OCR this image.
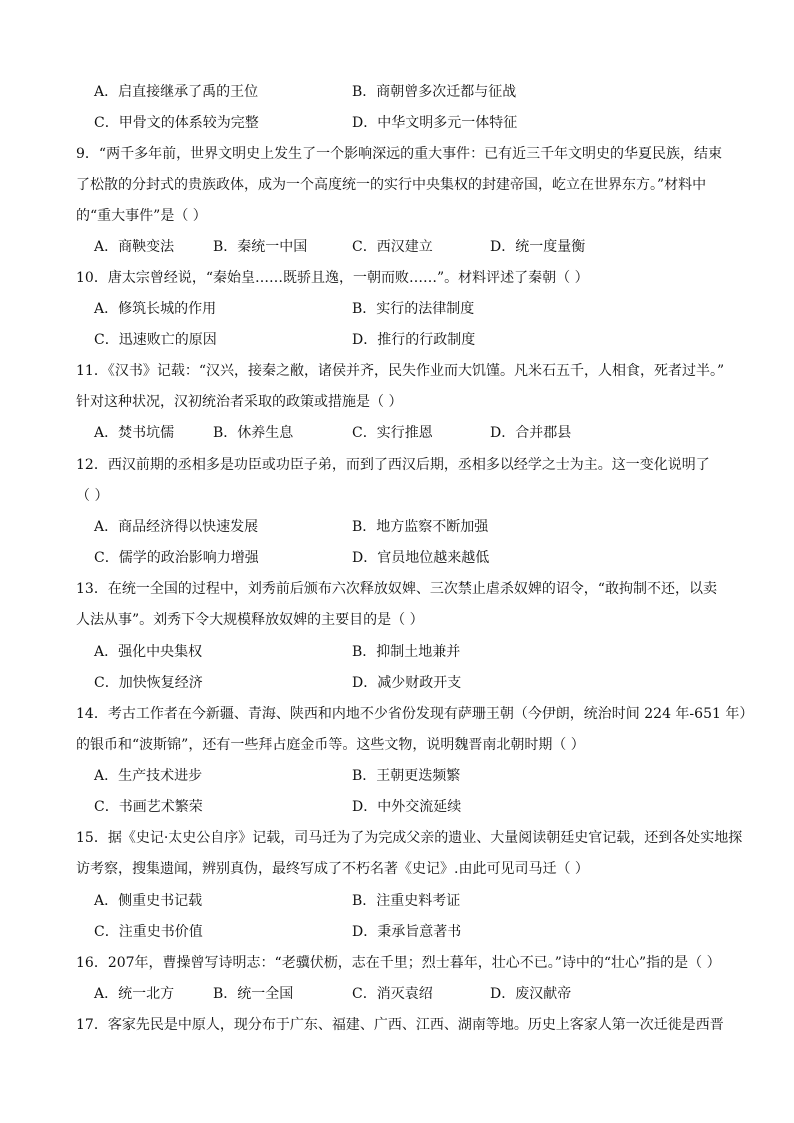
A．启直接继承了禹的王位	B．商朝曾多次迁都与征战
C．甲骨文的体系较为完整	D．中华文明多元一体特征
9．“两千多年前，世界文明史上发生了一个影响深远的重大事件：已有近三千年文明史的华夏民族，结束
了松散的分封式的贵族政体，成为一个高度统一的实行中央集权的封建帝国，屹立在世界东方。”材料中
的“重大事件”是（ ）
A．商鞅变法	B．秦统一中国	C．西汉建立	D．统一度量衡
10．唐太宗曾经说，“秦始皇……既骄且逸，一朝而败……”。材料评述了秦朝（ ）
A．修筑长城的作用	B．实行的法律制度
C．迅速败亡的原因	D．推行的行政制度
11．《汉书》记载：“汉兴，接秦之敝，诸侯并齐，民失作业而大饥馑。凡米石五千，人相食，死者过半。”
针对这种状况，汉初统治者采取的政策或措施是（ ）
A．焚书坑儒	B．休养生息	C．实行推恩	D．合并郡县
12．西汉前期的丞相多是功臣或功臣子弟，而到了西汉后期，丞相多以经学之士为主。这一变化说明了
（ ）
A．商品经济得以快速发展	B．地方监察不断加强
C．儒学的政治影响力增强	D．官员地位越来越低
13．在统一全国的过程中，刘秀前后颁布六次释放奴婢、三次禁止虐杀奴婢的诏令，“敢拘制不还，以卖
人法从事”。刘秀下令大规模释放奴婢的主要目的是（ ）
A．强化中央集权	B．抑制土地兼并
C．加快恢复经济	D．减少财政开支
14．考古工作者在今新疆、青海、陕西和内地不少省份发现有萨珊王朝（今伊朗，统治时间 224 年-651 年）
的银币和“波斯锦”，还有一些拜占庭金币等。这些文物，说明魏晋南北朝时期（ ）
A．生产技术进步	B．王朝更迭频繁
C．书画艺术繁荣	D．中外交流延续
15．据《史记·太史公自序》记载，司马迁为了为完成父亲的遗业、大量阅读朝廷史官记载，还到各处实地探
访考察，搜集遗闻，辨别真伪，最终写成了不朽名著《史记》.由此可见司马迁（ ）
A．侧重史书记载	B．注重史料考证
C．注重史书价值	D．秉承旨意著书
16．207年，曹操曾写诗明志：“老骥伏枥，志在千里；烈士暮年，壮心不已。”诗中的“壮心”指的是（ ）
A．统一北方	B．统一全国	C．消灭袁绍	D．废汉献帝
17．客家先民是中原人，现分布于广东、福建、广西、江西、湖南等地。历史上客家人第一次迁徙是西晋
